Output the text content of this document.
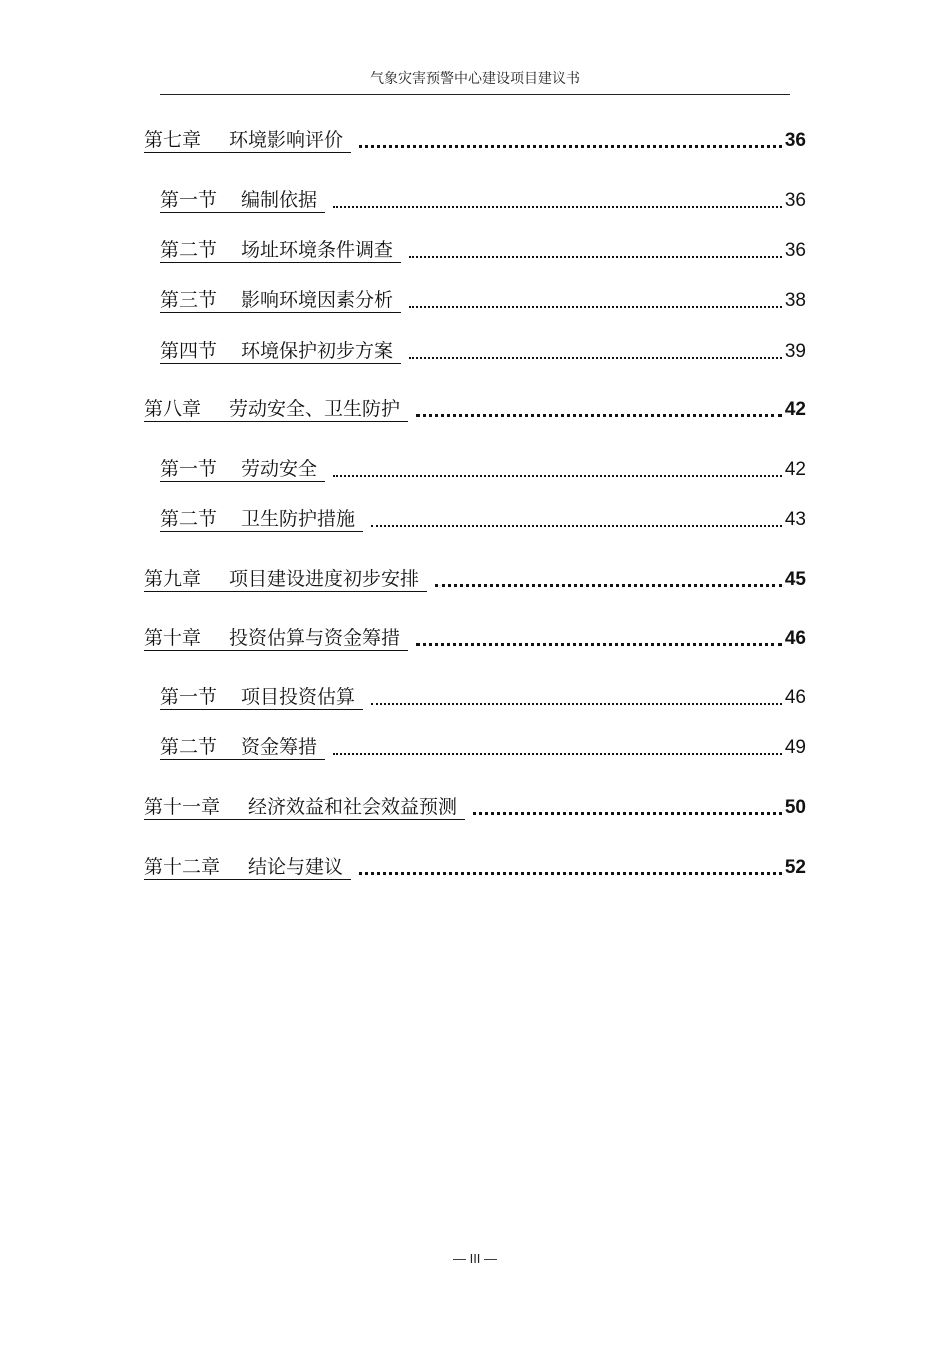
气象灾害预警中心建设项目建议书
第七章 环境影响评价	36
第一节 编制依据	36
第二节 场址环境条件调查	36
第三节 影响环境因素分析	38
第四节 环境保护初步方案	39
第八章 劳动安全、卫生防护	42
第一节 劳动安全	42
第二节 卫生防护措施	43
第九章 项目建设进度初步安排	45
第十章 投资估算与资金筹措	46
第一节 项目投资估算	46
第二节 资金筹措	49
第十一章 经济效益和社会效益预测	50
第十二章 结论与建议	52
— III —
